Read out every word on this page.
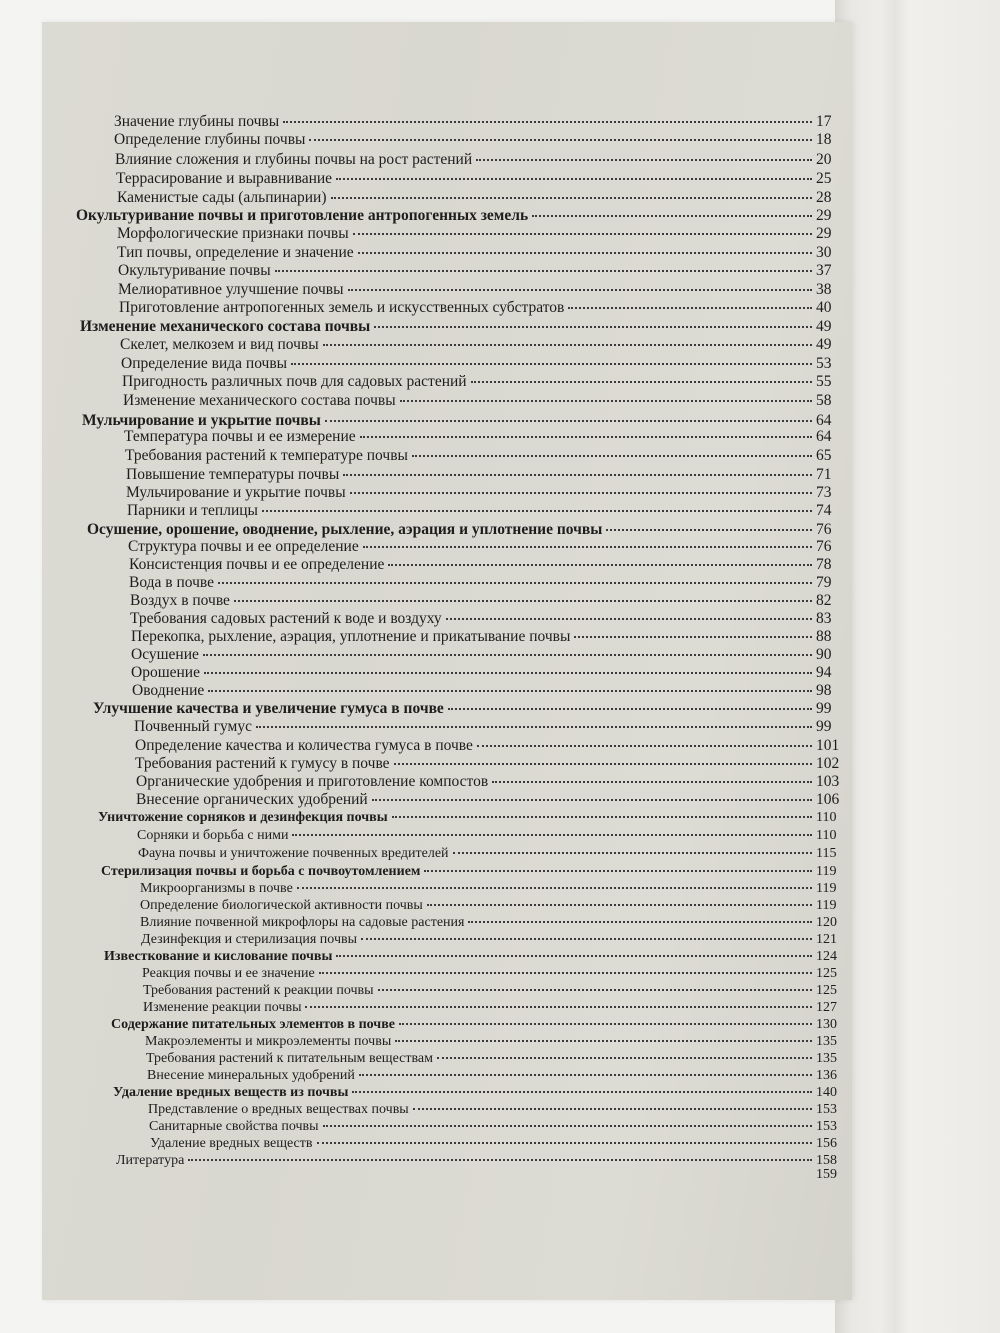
Значение глубины почвы	17
Определение глубины почвы	18
Влияние сложения и глубины почвы на рост растений	20
Террасирование и выравнивание	25
Каменистые сады (альпинарии)	28
Окультуривание почвы и приготовление антропогенных земель	29
Морфологические признаки почвы	29
Тип почвы, определение и значение	30
Окультуривание почвы	37
Мелиоративное улучшение почвы	38
Приготовление антропогенных земель и искусственных субстратов	40
Изменение механического состава почвы	49
Скелет, мелкозем и вид почвы	49
Определение вида почвы	53
Пригодность различных почв для садовых растений	55
Изменение механического состава почвы	58
Мульчирование и укрытие почвы	64
Температура почвы и ее измерение	64
Требования растений к температуре почвы	65
Повышение температуры почвы	71
Мульчирование и укрытие почвы	73
Парники и теплицы	74
Осушение, орошение, оводнение, рыхление, аэрация и уплотнение почвы	76
Структура почвы и ее определение	76
Консистенция почвы и ее определение	78
Вода в почве	79
Воздух в почве	82
Требования садовых растений к воде и воздуху	83
Перекопка, рыхление, аэрация, уплотнение и прикатывание почвы	88
Осушение	90
Орошение	94
Оводнение	98
Улучшение качества и увеличение гумуса в почве	99
Почвенный гумус	99
Определение качества и количества гумуса в почве	101
Требования растений к гумусу в почве	102
Органические удобрения и приготовление компостов	103
Внесение органических удобрений	106
Уничтожение сорняков и дезинфекция почвы	110
Сорняки и борьба с ними	110
Фауна почвы и уничтожение почвенных вредителей	115
Стерилизация почвы и борьба с почвоутомлением	119
Микроорганизмы в почве	119
Определение биологической активности почвы	119
Влияние почвенной микрофлоры на садовые растения	120
Дезинфекция и стерилизация почвы	121
Известкование и кислование почвы	124
Реакция почвы и ее значение	125
Требования растений к реакции почвы	125
Изменение реакции почвы	127
Содержание питательных элементов в почве	130
Макроэлементы и микроэлементы почвы	135
Требования растений к питательным веществам	135
Внесение минеральных удобрений	136
Удаление вредных веществ из почвы	140
Представление о вредных веществах почвы	153
Санитарные свойства почвы	153
Удаление вредных веществ	156
Литература	158
159
